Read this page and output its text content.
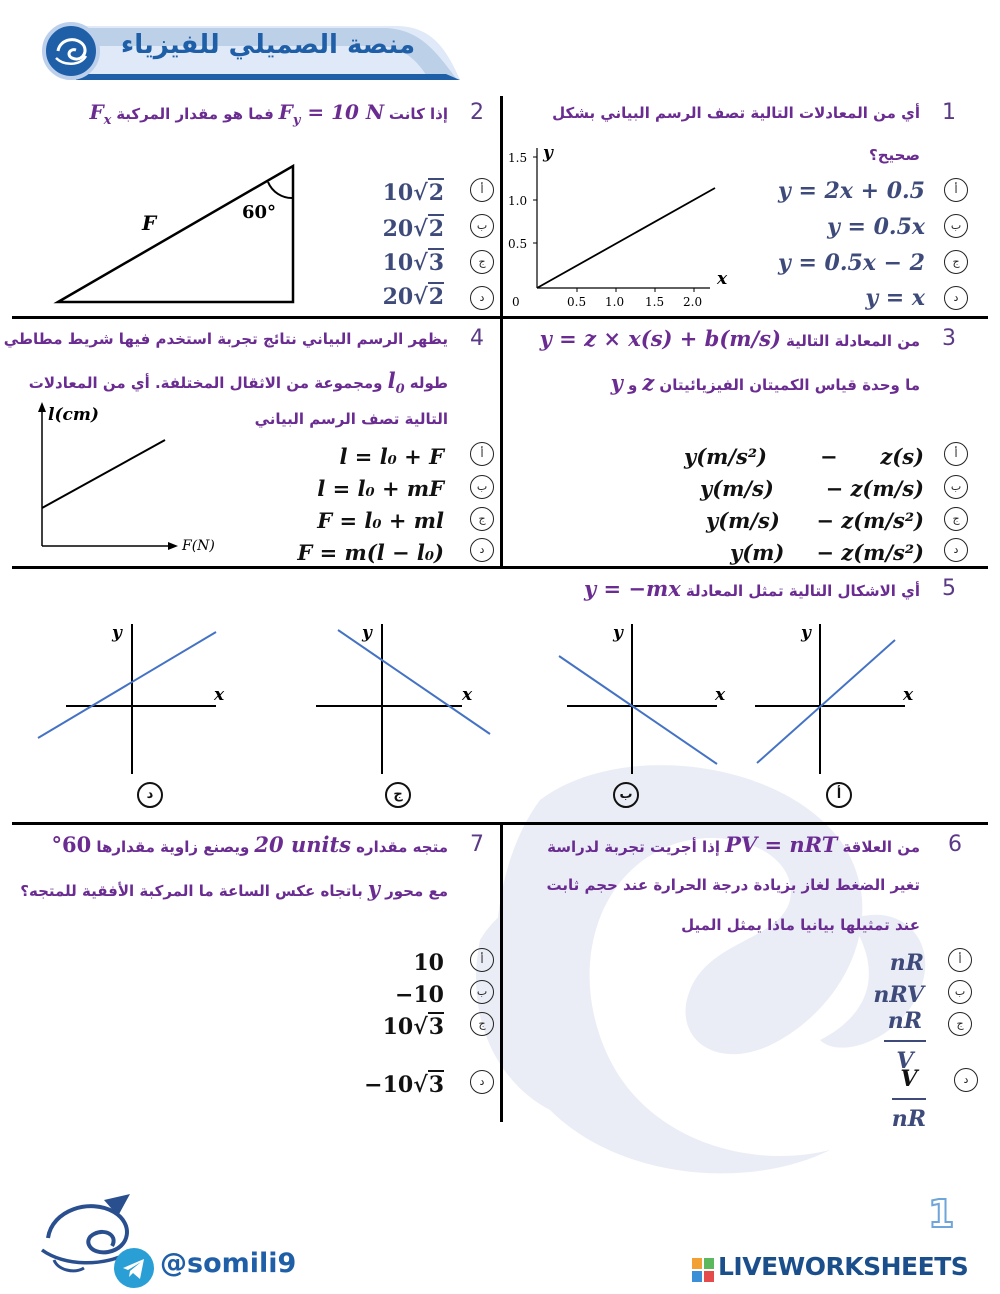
منصة الصميلي للفيزياء
1
أي من المعادلات التالية تصف الرسم البياني بشكل
صحيح؟
1.5
1.0
0.5
0	0.5 1.0 1.5 2.0
y
x
y = 2x + 0.5
y = 0.5x
y = 0.5x − 2
y = x
أ
ب
ج
د
2
إذا كانت $F_y = 10$ N فما هو مقدار المركبة $F_x$
F	60°
10√2
20√2
10√3
20√2
أ
ب
ج
د
3
من المعادلة التالية y = z × x(s) + b(m/s)
ما وحدة قياس الكميتان الفيزيائيتان z و y
y(m/s²)	− z(s)
y(m/s) − z(m/s)
y(m/s) − z(m/s²)
y(m) − z(m/s²)
أ
ب
ج
د
4
يظهر الرسم البياني نتائج تجربة استخدم فيها شريط مطاطي
طوله $l_0$ ومجموعة من الاثقال المختلفة. أي من المعادلات
التالية تصف الرسم البياني
l(cm)
F(N)
l = l₀ + F
l = l₀ + mF
F = l₀ + ml
F = m(l − l₀)
أ
ب
ج
د
5
أي الاشكال التالية تمثل المعادلة y = −mx
y
x
y
x
y
x
y
x
أ
ب
ج
د
6
من العلاقة PV = nRT إذا أجريت تجربة لدراسة
تغير الضغط لغاز بزيادة درجة الحرارة عند حجم ثابت
عند تمثيلها بيانيا ماذا يمثل الميل
nR
nRV
$\frac{nR}{V}$
$\frac{V}{nR}$
أ
ب
ج
د
7
متجه مقداره 20 units ويصنع زاوية مقدارها 60°
مع محور y باتجاه عكس الساعة ما المركبة الأفقية للمتجه؟
10
−10
10√3
−10√3
أ
ب
ج
د
@somili9
1
LIVEWORKSHEETS
